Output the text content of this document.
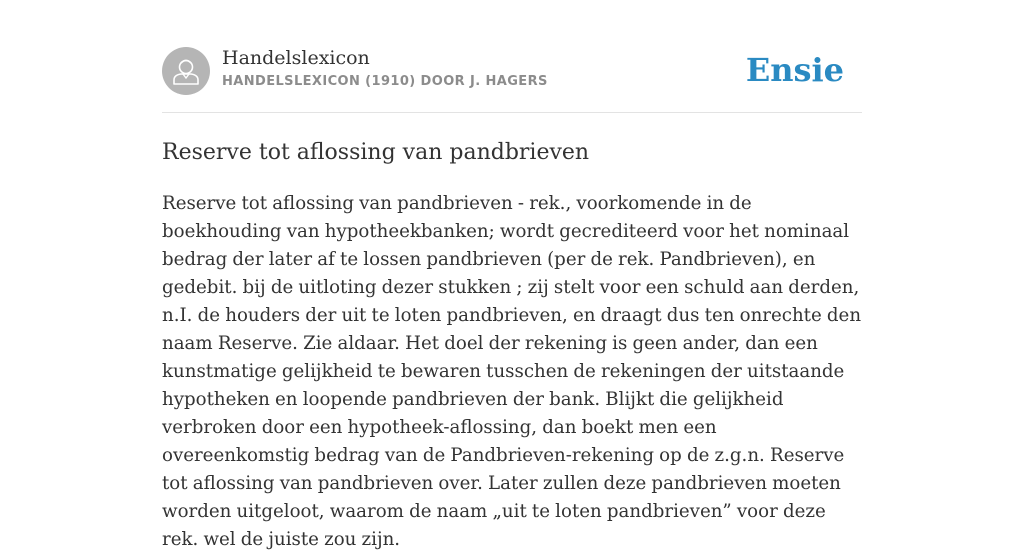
Handelslexicon
HANDELSLEXICON (1910) DOOR J. HAGERS	Ensie
Reserve tot aflossing van pandbrieven

Reserve tot aflossing van pandbrieven - rek., voorkomende in de boekhouding van hypotheekbanken; wordt gecrediteerd voor het nominaal bedrag der later af te lossen pandbrieven (per de rek. Pandbrieven), en gedebit. bij de uitloting dezer stukken ; zij stelt voor een schuld aan derden, n.I. de houders der uit te loten pandbrieven, en draagt dus ten onrechte den naam Reserve. Zie aldaar. Het doel der rekening is geen ander, dan een kunstmatige gelijkheid te bewaren tusschen de rekeningen der uitstaande hypotheken en loopende pandbrieven der bank. Blijkt die gelijkheid verbroken door een hypotheek-aflossing, dan boekt men een overeenkomstig bedrag van de Pandbrieven-rekening op de z.g.n. Reserve tot aflossing van pandbrieven over. Later zullen deze pandbrieven moeten worden uitgeloot, waarom de naam „uit te loten pandbrieven” voor deze rek. wel de juiste zou zijn.
